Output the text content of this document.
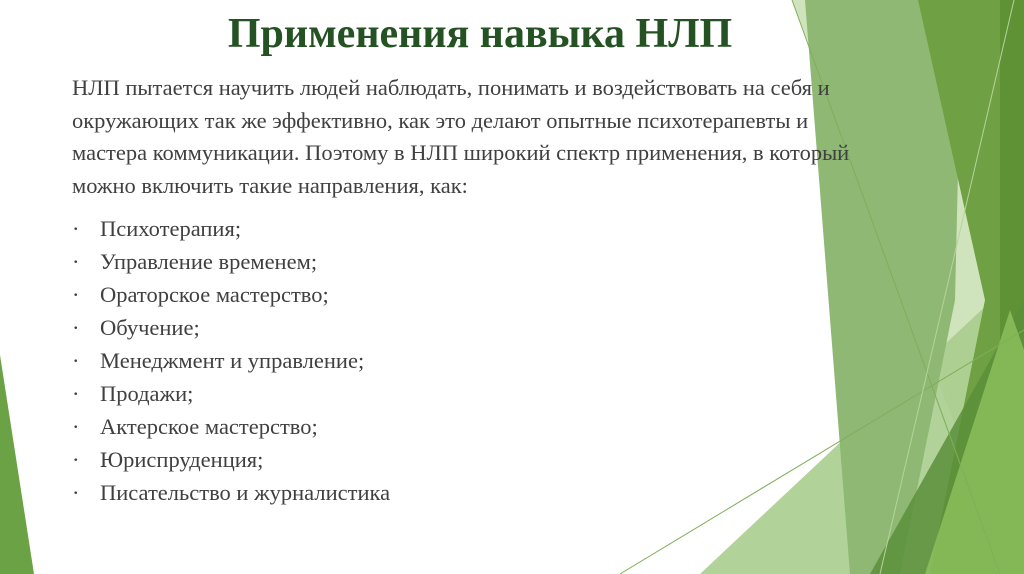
Применения навыка НЛП

НЛП пытается научить людей наблюдать, понимать и воздействовать на себя и окружающих так же эффективно, как это делают опытные психотерапевты и мастера коммуникации. Поэтому в НЛП широкий спектр применения, в который можно включить такие направления, как:

· Психотерапия;
· Управление временем;
· Ораторское мастерство;
· Обучение;
· Менеджмент и управление;
· Продажи;
· Актерское мастерство;
· Юриспруденция;
· Писательство и журналистика
